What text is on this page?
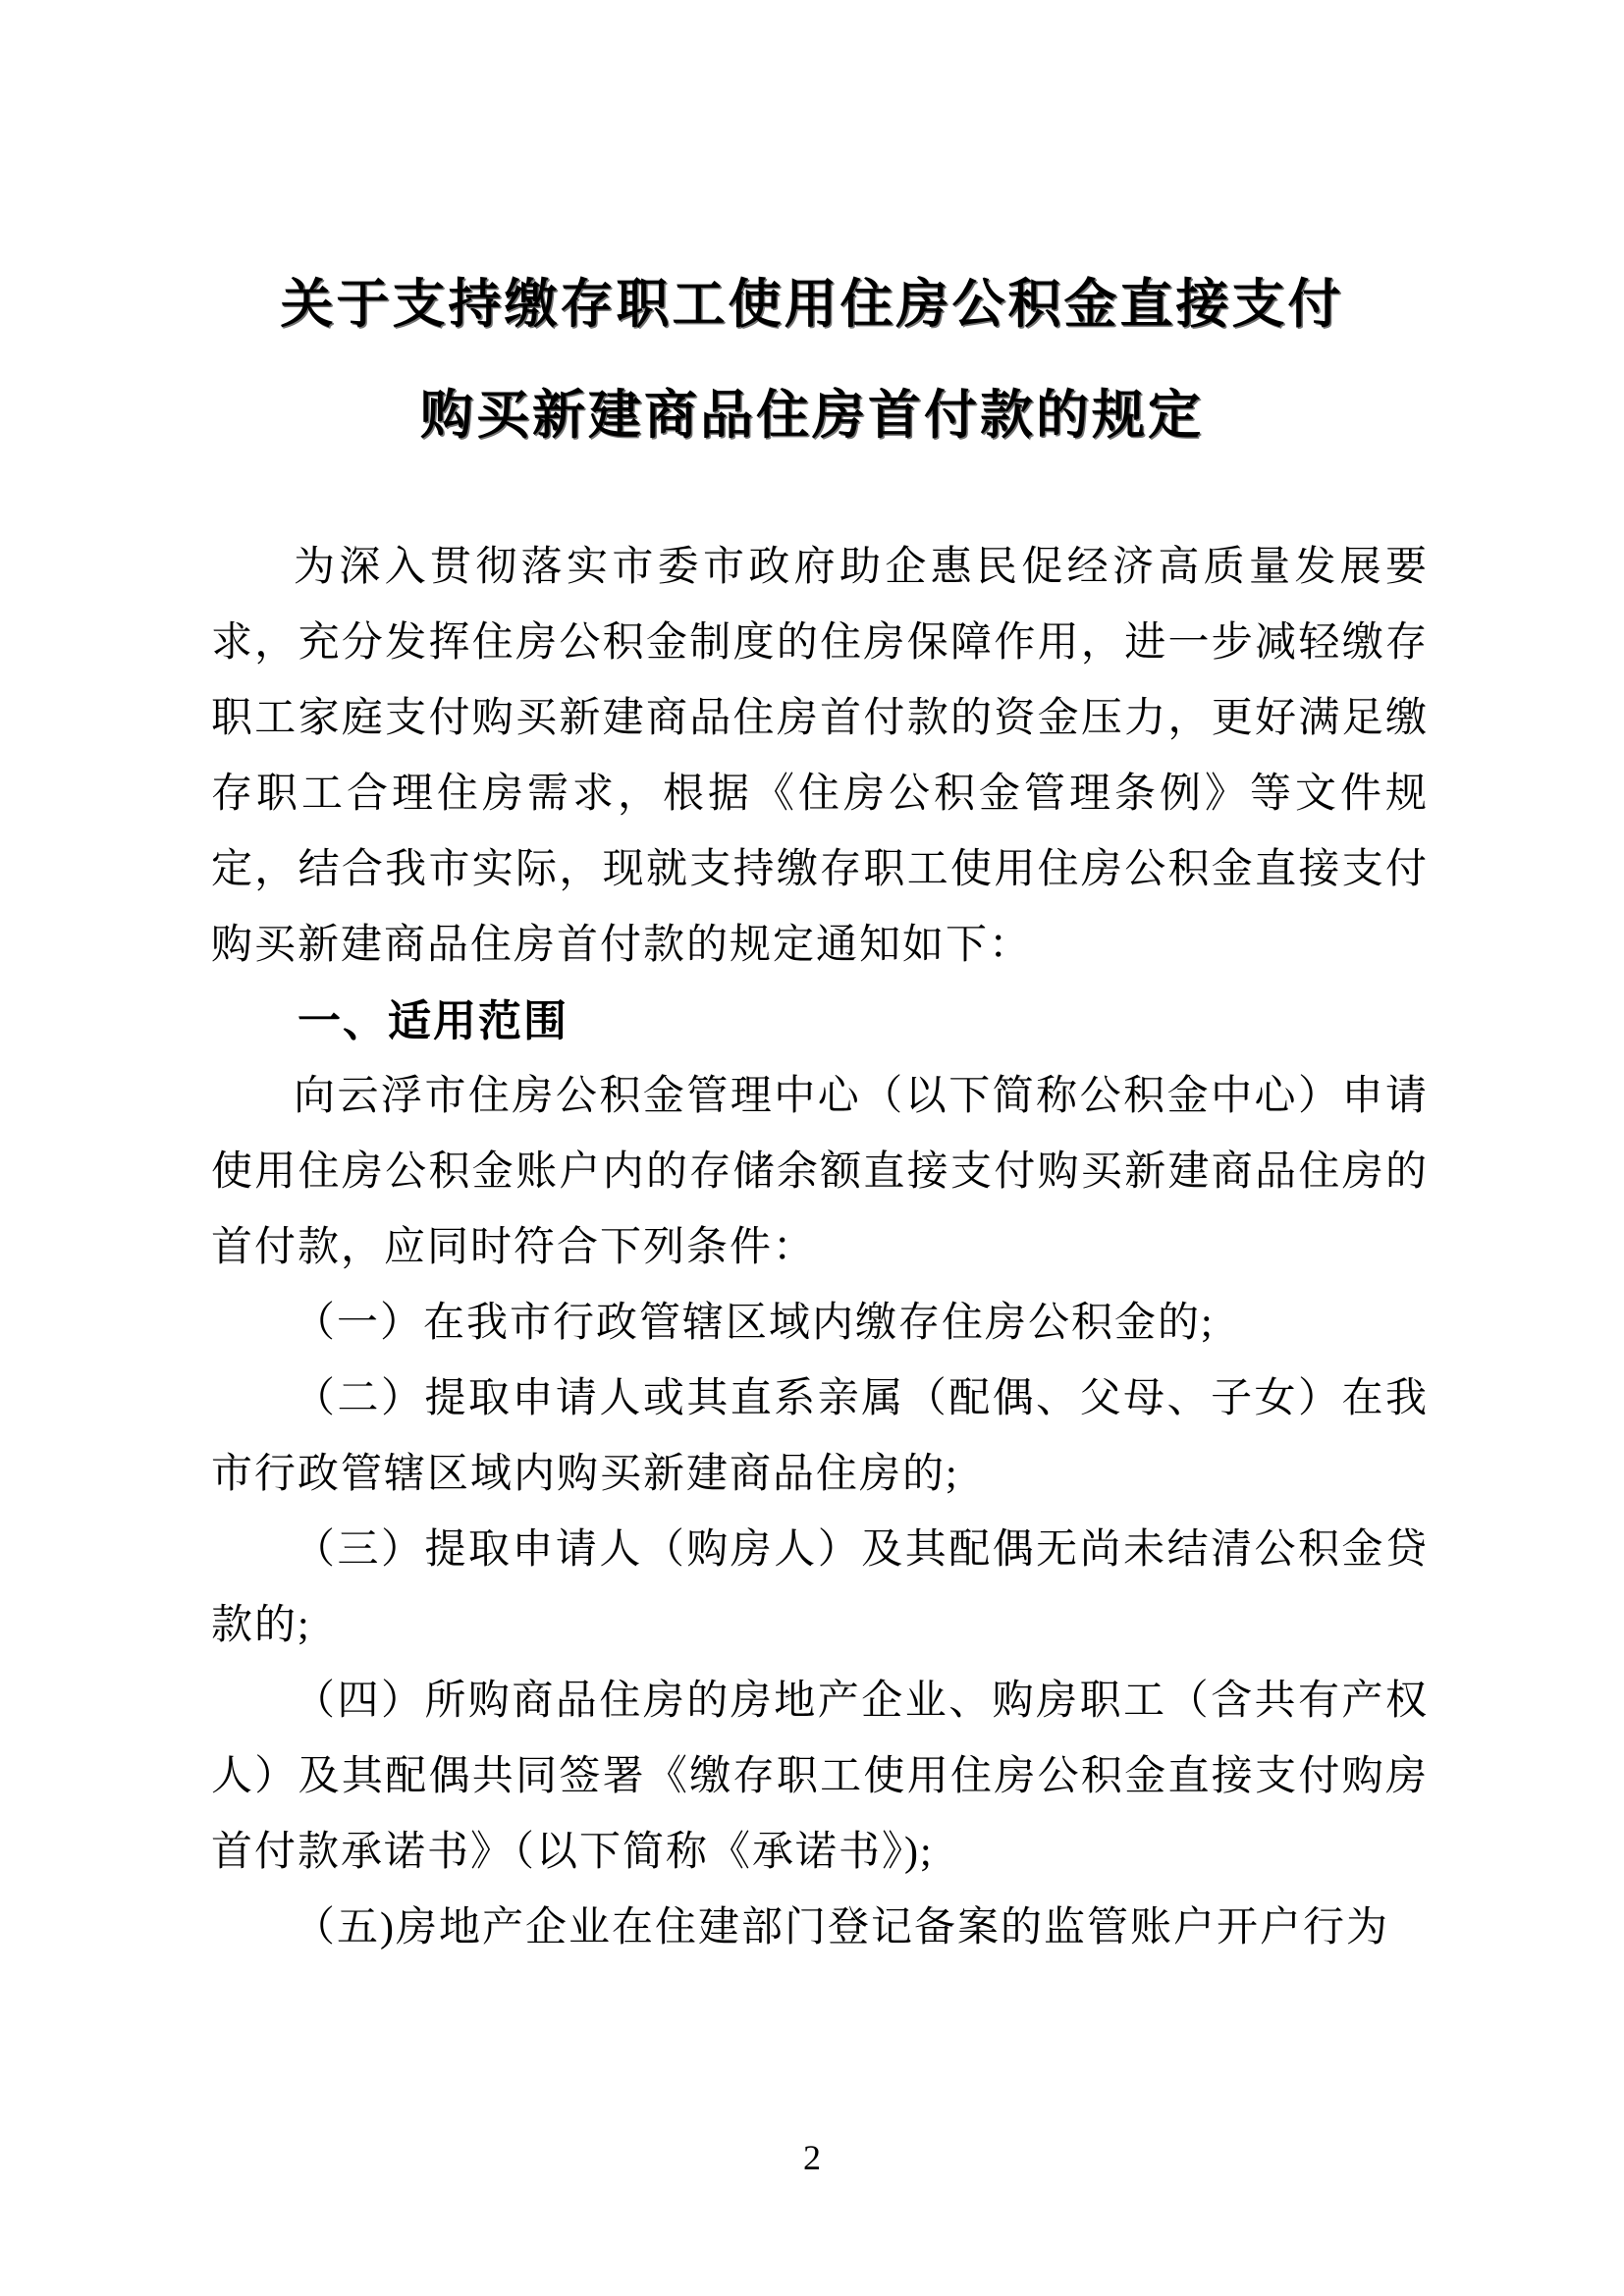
关于支持缴存职工使用住房公积金直接支付
购买新建商品住房首付款的规定

为深入贯彻落实市委市政府助企惠民促经济高质量发展要求，充分发挥住房公积金制度的住房保障作用，进一步减轻缴存职工家庭支付购买新建商品住房首付款的资金压力，更好满足缴存职工合理住房需求，根据《住房公积金管理条例》等文件规定，结合我市实际，现就支持缴存职工使用住房公积金直接支付购买新建商品住房首付款的规定通知如下：

一、适用范围

向云浮市住房公积金管理中心（以下简称公积金中心）申请使用住房公积金账户内的存储余额直接支付购买新建商品住房的首付款，应同时符合下列条件：

（一）在我市行政管辖区域内缴存住房公积金的;

（二）提取申请人或其直系亲属（配偶、父母、子女）在我市行政管辖区域内购买新建商品住房的;

（三）提取申请人（购房人）及其配偶无尚未结清公积金贷款的;

（四）所购商品住房的房地产企业、购房职工（含共有产权人）及其配偶共同签署《缴存职工使用住房公积金直接支付购房首付款承诺书》（以下简称《承诺书》);

（五)房地产企业在住建部门登记备案的监管账户开户行为

2
